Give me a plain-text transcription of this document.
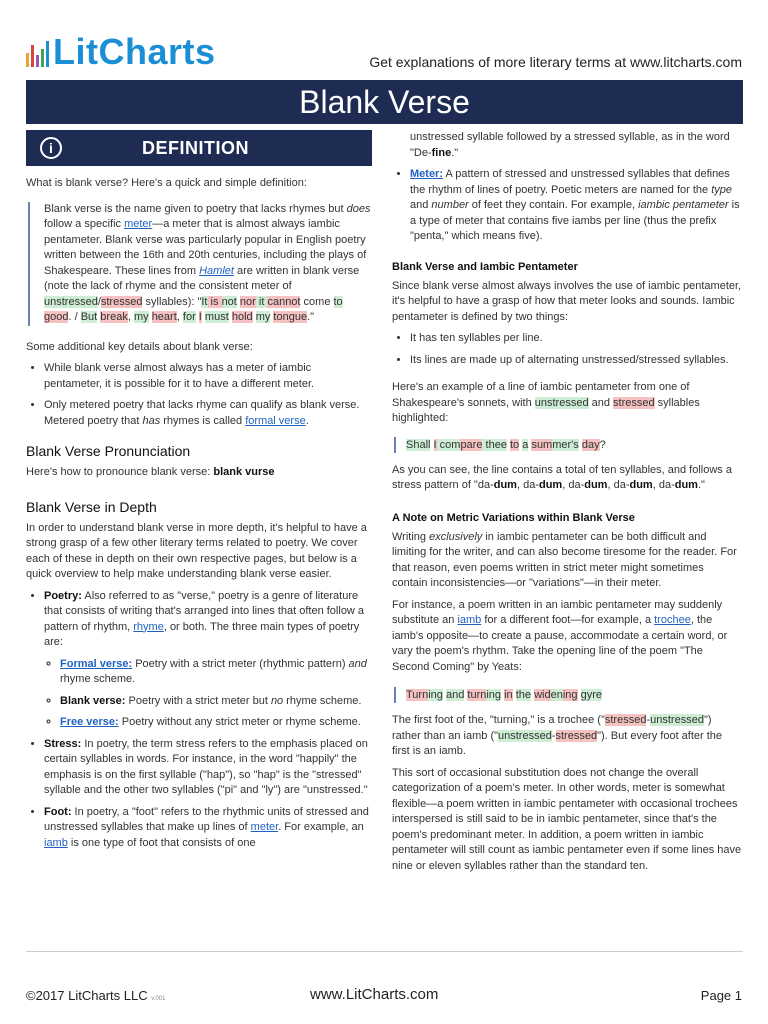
LitCharts	Get explanations of more literary terms at www.litcharts.com
Blank Verse
i	DEFINITION

What is blank verse? Here's a quick and simple definition:

Blank verse is the name given to poetry that lacks rhymes but does follow a specific meter—a meter that is almost always iambic pentameter. Blank verse was particularly popular in English poetry written between the 16th and 20th centuries, including the plays of Shakespeare. These lines from Hamlet are written in blank verse (note the lack of rhyme and the consistent meter of unstressed/stressed syllables): "It is not nor it cannot come to good. / But break, my heart, for I must hold my tongue."

Some additional key details about blank verse:

• While blank verse almost always has a meter of iambic pentameter, it is possible for it to have a different meter.
• Only metered poetry that lacks rhyme can qualify as blank verse. Metered poetry that has rhymes is called formal verse.
Blank Verse Pronunciation

Here's how to pronounce blank verse: blank vurse

Blank Verse in Depth

In order to understand blank verse in more depth, it's helpful to have a strong grasp of a few other literary terms related to poetry. We cover each of these in depth on their own respective pages, but below is a quick overview to help make understanding blank verse easier.

• Poetry: Also referred to as "verse," poetry is a genre of literature that consists of writing that's arranged into lines that often follow a pattern of rhythm, rhyme, or both. The three main types of poetry are:
◦ Formal verse: Poetry with a strict meter (rhythmic pattern) and rhyme scheme.
◦ Blank verse: Poetry with a strict meter but no rhyme scheme.
◦ Free verse: Poetry without any strict meter or rhyme scheme.
• Stress: In poetry, the term stress refers to the emphasis placed on certain syllables in words. For instance, in the word "happily" the emphasis is on the first syllable ("hap"), so "hap" is the "stressed" syllable and the other two syllables ("pi" and "ly") are "unstressed."
• Foot: In poetry, a "foot" refers to the rhythmic units of stressed and unstressed syllables that make up lines of meter. For example, an iamb is one type of foot that consists of one

unstressed syllable followed by a stressed syllable, as in the word "De-fine."

• Meter: A pattern of stressed and unstressed syllables that defines the rhythm of lines of poetry. Poetic meters are named for the type and number of feet they contain. For example, iambic pentameter is a type of meter that contains five iambs per line (thus the prefix "penta," which means five).
Blank Verse and Iambic Pentameter

Since blank verse almost always involves the use of iambic pentameter, it's helpful to have a grasp of how that meter looks and sounds. Iambic pentameter is defined by two things:

• It has ten syllables per line.
• Its lines are made up of alternating unstressed/stressed syllables.

Here's an example of a line of iambic pentameter from one of Shakespeare's sonnets, with unstressed and stressed syllables highlighted:

Shall I compare thee to a summer's day?

As you can see, the line contains a total of ten syllables, and follows a stress pattern of "da-dum, da-dum, da-dum, da-dum, da-dum."

A Note on Metric Variations within Blank Verse

Writing exclusively in iambic pentameter can be both difficult and limiting for the writer, and can also become tiresome for the reader. For that reason, even poems written in strict meter might sometimes contain inconsistencies—or "variations"—in their meter.

For instance, a poem written in an iambic pentameter may suddenly substitute an iamb for a different foot—for example, a trochee, the iamb's opposite—to create a pause, accommodate a certain word, or vary the poem's rhythm. Take the opening line of the poem "The Second Coming" by Yeats:

Turning and turning in the widening gyre

The first foot of the, "turning," is a trochee ("stressed-unstressed") rather than an iamb ("unstressed-stressed"). But every foot after the first is an iamb.

This sort of occasional substitution does not change the overall categorization of a poem's meter. In other words, meter is somewhat flexible—a poem written in iambic pentameter with occasional trochees interspersed is still said to be in iambic pentameter, since that's the poem's predominant meter. In addition, a poem written in iambic pentameter will still count as iambic pentameter even if some lines have nine or eleven syllables rather than the standard ten.

©2017 LitCharts LLC v.001	www.LitCharts.com	Page 1
